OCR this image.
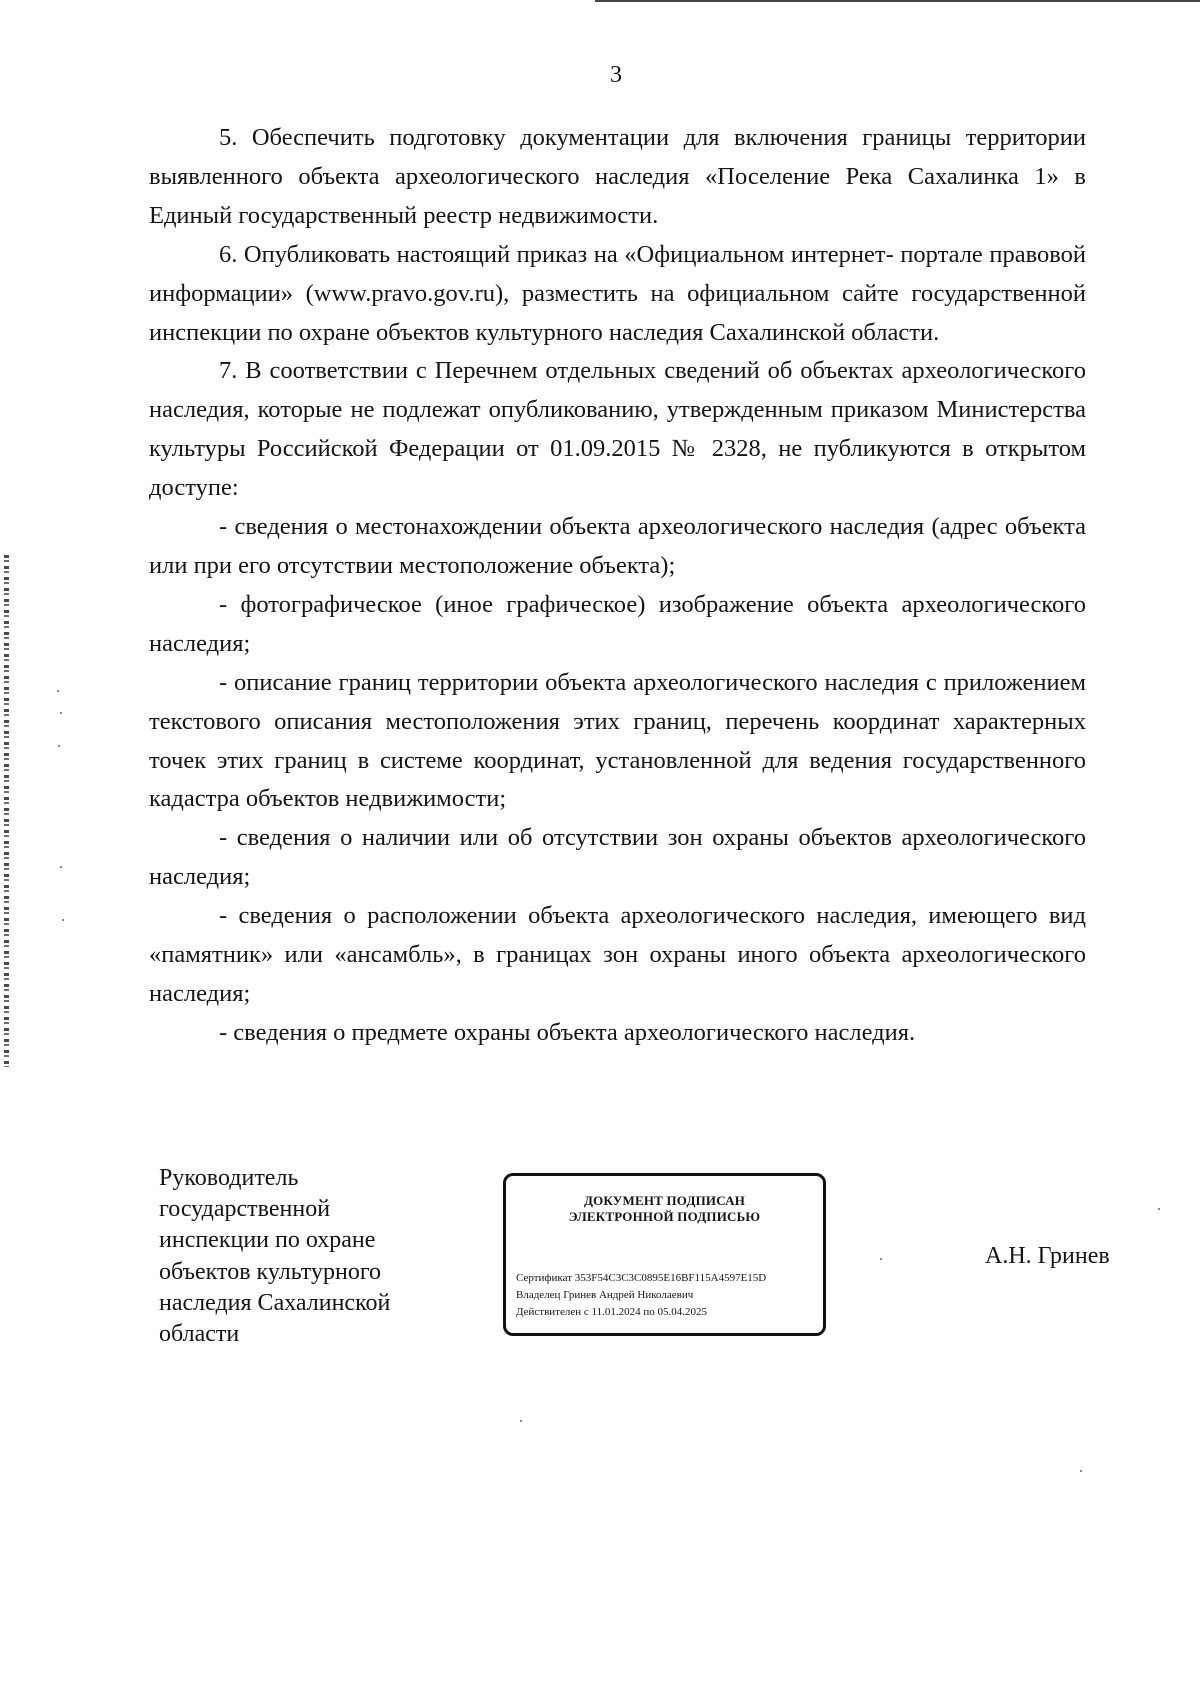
3

5. Обеспечить подготовку документации для включения границы территории выявленного объекта археологического наследия «Поселение Река Сахалинка 1» в Единый государственный реестр недвижимости.

6. Опубликовать настоящий приказ на «Официальном интернет- портале правовой информации» (www.pravo.gov.ru), разместить на официальном сайте государственной инспекции по охране объектов культурного наследия Сахалинской области.

7. В соответствии с Перечнем отдельных сведений об объектах археологического наследия, которые не подлежат опубликованию, утвержденным приказом Министерства культуры Российской Федерации от 01.09.2015 № 2328, не публикуются в открытом доступе:

- сведения о местонахождении объекта археологического наследия (адрес объекта или при его отсутствии местоположение объекта);

- фотографическое (иное графическое) изображение объекта археологического наследия;

- описание границ территории объекта археологического наследия с приложением текстового описания местоположения этих границ, перечень координат характерных точек этих границ в системе координат, установленной для ведения государственного кадастра объектов недвижимости;

- сведения о наличии или об отсутствии зон охраны объектов археологического наследия;

- сведения о расположении объекта археологического наследия, имеющего вид «памятник» или «ансамбль», в границах зон охраны иного объекта археологического наследия;

- сведения о предмете охраны объекта археологического наследия.

Руководитель
государственной
инспекции по охране
объектов культурного
наследия Сахалинской
области
ДОКУМЕНТ ПОДПИСАН
ЭЛЕКТРОННОЙ ПОДПИСЬЮ
Сертификат 353F54C3C3C0895E16BF115A4597E15D
Владелец Гринев Андрей Николаевич
Действителен с 11.01.2024 по 05.04.2025
А.Н. Гринев
